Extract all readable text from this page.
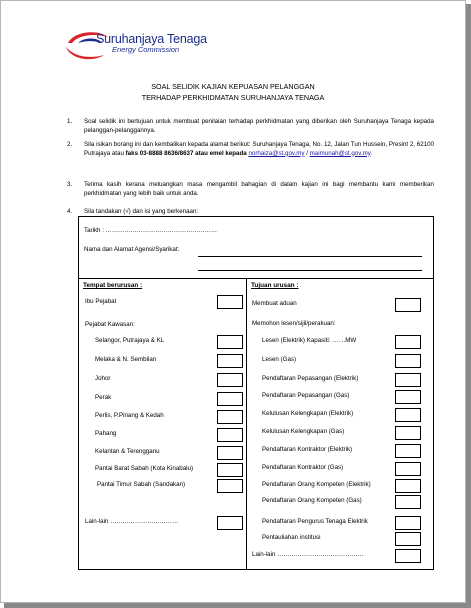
Suruhanjaya Tenaga
Energy Commission
SOAL SELIDIK KAJIAN KEPUASAN PELANGGAN
TERHADAP PERKHIDMATAN SURUHANJAYA TENAGA
1. Soal selidik ini bertujuan untuk membuat penilaian terhadap perkhidmatan yang diberikan oleh Suruhanjaya Tenaga kepada pelanggan-pelanggannya.
2. Sila isikan borang ini dan kembalikan kepada alamat berikut: Suruhanjaya Tenaga, No. 12, Jalan Tun Hussein, Presint 2, 62100 Putrajaya atau faks 03-8888 8636/8637 atau emel kepada norhaiza@st.gov.my / maimunah@st.gov.my.
3. Terima kasih kerana meluangkan masa mengambil bahagian di dalam kajian ini bagi membantu kami memberikan perkhidmatan yang lebih baik untuk anda.
4. Sila tandakan (√) dan isi yang berkenaan:
Tarikh : ………………………………………………
Nama dan Alamat Agensi/Syarikat:
Tempat berurusan :
Ibu Pejabat
Pejabat Kawasan:
Selangor, Putrajaya & KL
Melaka & N. Sembilan
Johor
Perak
Perlis, P.Pinang & Kedah
Pahang
Kelantan & Terengganu
Pantai Barat Sabah (Kota Kinabalu)
Pantai Timur Sabah (Sandakan)
Lain-lain ……………………………
Tujuan urusan :
Membuat aduan
Memohon lesen/sijil/perakuan:
Lesen (Elektrik) Kapasiti: …. ..MW
Lesen (Gas)
Pendaftaran Pepasangan (Elektrik)
Pendaftaran Pepasangan (Gas)
Kelulusan Kelengkapan (Elektrik)
Kelulusan Kelengkapan (Gas)
Pendaftaran Kontraktor (Elektrik)
Pendaftaran Kontraktor (Gas)
Pendaftaran Orang Kompeten (Elektrik)
Pendaftaran Orang Kompeten (Gas)
Pendaftaran Pengurus Tenaga Elektrik
Pentauliahan institusi
Lain-lain ……………………………………
